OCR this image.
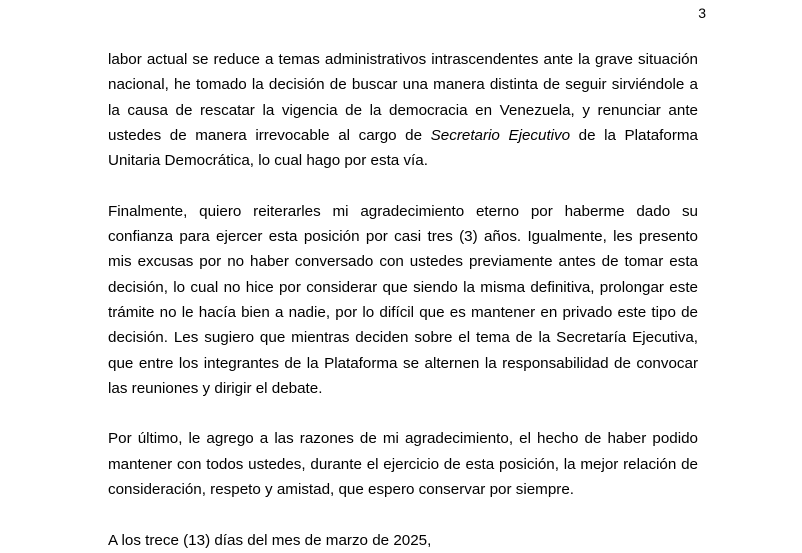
3

labor actual se reduce a temas administrativos intrascendentes ante la grave situación nacional, he tomado la decisión de buscar una manera distinta de seguir sirviéndole a la causa de rescatar la vigencia de la democracia en Venezuela, y renunciar ante ustedes de manera irrevocable al cargo de Secretario Ejecutivo de la Plataforma Unitaria Democrática, lo cual hago por esta vía.

Finalmente, quiero reiterarles mi agradecimiento eterno por haberme dado su confianza para ejercer esta posición por casi tres (3) años. Igualmente, les presento mis excusas por no haber conversado con ustedes previamente antes de tomar esta decisión, lo cual no hice por considerar que siendo la misma definitiva, prolongar este trámite no le hacía bien a nadie, por lo difícil que es mantener en privado este tipo de decisión. Les sugiero que mientras deciden sobre el tema de la Secretaría Ejecutiva, que entre los integrantes de la Plataforma se alternen la responsabilidad de convocar las reuniones y dirigir el debate.

Por último, le agrego a las razones de mi agradecimiento, el hecho de haber podido mantener con todos ustedes, durante el ejercicio de esta posición, la mejor relación de consideración, respeto y amistad, que espero conservar por siempre.

A los trece (13) días del mes de marzo de 2025,
